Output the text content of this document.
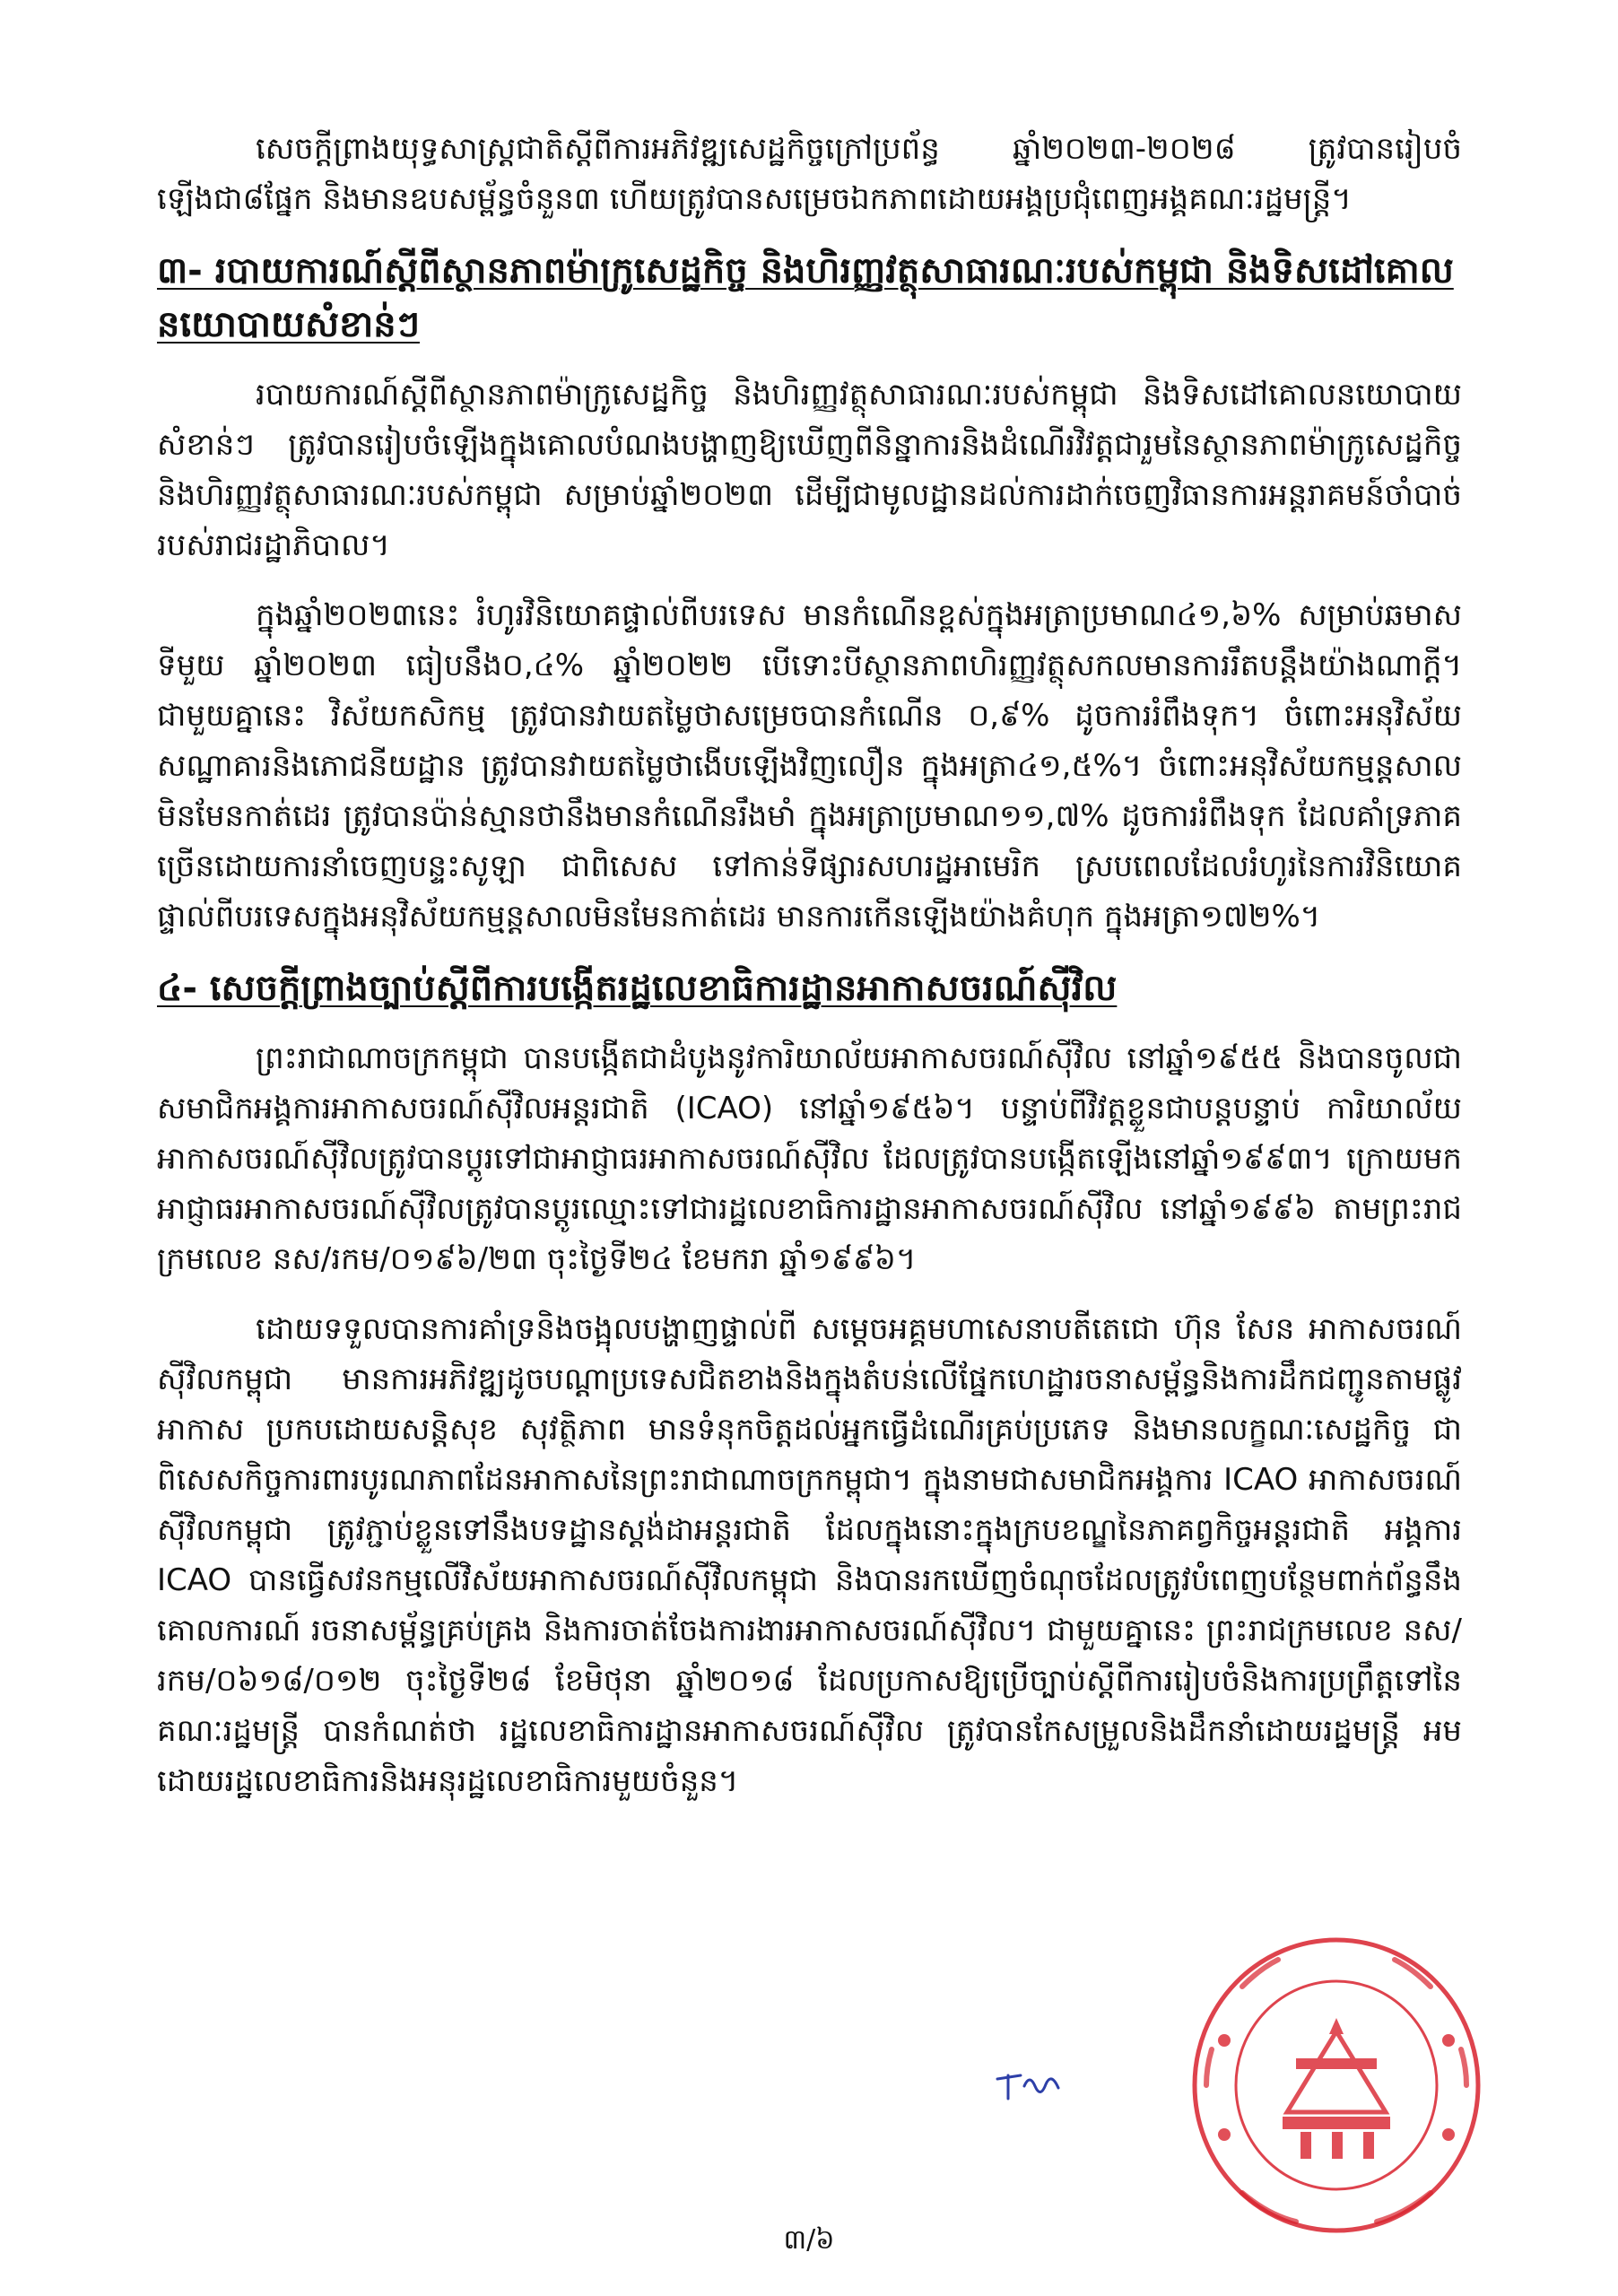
សេចក្តីព្រាងយុទ្ធសាស្ត្រជាតិស្តីពីការអភិវឌ្ឍសេដ្ឋកិច្ចក្រៅប្រព័ន្ធ ឆ្នាំ២០២៣-២០២៨ ត្រូវបានរៀបចំឡើងជា៨ផ្នែក និងមានឧបសម្ព័ន្ធចំនួន៣ ហើយត្រូវបានសម្រេចឯកភាពដោយអង្គប្រជុំពេញអង្គគណៈរដ្ឋមន្ត្រី។

៣- របាយការណ៍ស្តីពីស្ថានភាពម៉ាក្រូសេដ្ឋកិច្ច និងហិរញ្ញវត្ថុសាធារណៈរបស់កម្ពុជា និងទិសដៅគោលនយោបាយសំខាន់ៗ

របាយការណ៍ស្តីពីស្ថានភាពម៉ាក្រូសេដ្ឋកិច្ច និងហិរញ្ញវត្ថុសាធារណៈរបស់កម្ពុជា និងទិសដៅគោលនយោបាយសំខាន់ៗ ត្រូវបានរៀបចំឡើងក្នុងគោលបំណងបង្ហាញឱ្យឃើញពីនិន្នាការនិងដំណើរវិវត្តជារួមនៃស្ថានភាពម៉ាក្រូសេដ្ឋកិច្ចនិងហិរញ្ញវត្ថុសាធារណៈរបស់កម្ពុជា សម្រាប់ឆ្នាំ២០២៣ ដើម្បីជាមូលដ្ឋានដល់ការដាក់ចេញវិធានការអន្តរាគមន៍ចាំបាច់របស់រាជរដ្ឋាភិបាល។

ក្នុងឆ្នាំ២០២៣នេះ រំហូរវិនិយោគផ្ទាល់ពីបរទេស មានកំណើនខ្ពស់ក្នុងអត្រាប្រមាណ៤១,៦% សម្រាប់ឆមាសទីមួយ ឆ្នាំ២០២៣ ធៀបនឹង០,៤% ឆ្នាំ២០២២ បើទោះបីស្ថានភាពហិរញ្ញវត្ថុសកលមានការរឹតបន្តឹងយ៉ាងណាក្តី។ ជាមួយគ្នានេះ វិស័យកសិកម្ម ត្រូវបានវាយតម្លៃថាសម្រេចបានកំណើន ០,៩% ដូចការរំពឹងទុក។ ចំពោះអនុវិស័យសណ្ឋាគារនិងភោជនីយដ្ឋាន ត្រូវបានវាយតម្លៃថាងើបឡើងវិញលឿន ក្នុងអត្រា៤១,៥%។ ចំពោះអនុវិស័យកម្មន្តសាលមិនមែនកាត់ដេរ ត្រូវបានប៉ាន់ស្មានថានឹងមានកំណើនរឹងមាំ ក្នុងអត្រាប្រមាណ១១,៧% ដូចការរំពឹងទុក ដែលគាំទ្រភាគច្រើនដោយការនាំចេញបន្ទះសូឡា ជាពិសេស ទៅកាន់ទីផ្សារសហរដ្ឋអាមេរិក ស្របពេលដែលរំហូរនៃការវិនិយោគផ្ទាល់ពីបរទេសក្នុងអនុវិស័យកម្មន្តសាលមិនមែនកាត់ដេរ មានការកើនឡើងយ៉ាងគំហុក ក្នុងអត្រា១៧២%។

៤- សេចក្តីព្រាងច្បាប់ស្តីពីការបង្កើតរដ្ឋលេខាធិការដ្ឋានអាកាសចរណ៍ស៊ីវិល

ព្រះរាជាណាចក្រកម្ពុជា បានបង្កើតជាដំបូងនូវការិយាល័យអាកាសចរណ៍ស៊ីវិល នៅឆ្នាំ១៩៥៥ និងបានចូលជាសមាជិកអង្គការអាកាសចរណ៍ស៊ីវិលអន្តរជាតិ (ICAO) នៅឆ្នាំ១៩៥៦។ បន្ទាប់ពីវិវត្តខ្លួនជាបន្តបន្ទាប់ ការិយាល័យអាកាសចរណ៍ស៊ីវិលត្រូវបានប្តូរទៅជាអាជ្ញាធរអាកាសចរណ៍ស៊ីវិល ដែលត្រូវបានបង្កើតឡើងនៅឆ្នាំ១៩៩៣។ ក្រោយមក អាជ្ញាធរអាកាសចរណ៍ស៊ីវិលត្រូវបានប្តូរឈ្មោះទៅជារដ្ឋលេខាធិការដ្ឋានអាកាសចរណ៍ស៊ីវិល នៅឆ្នាំ១៩៩៦ តាមព្រះរាជក្រមលេខ នស/រកម/០១៩៦/២៣ ចុះថ្ងៃទី២៤ ខែមករា ឆ្នាំ១៩៩៦។

ដោយទទួលបានការគាំទ្រនិងចង្អុលបង្ហាញផ្ទាល់ពី សម្តេចអគ្គមហាសេនាបតីតេជោ ហ៊ុន សែន អាកាសចរណ៍ស៊ីវិលកម្ពុជា មានការអភិវឌ្ឍដូចបណ្តាប្រទេសជិតខាងនិងក្នុងតំបន់លើផ្នែកហេដ្ឋារចនាសម្ព័ន្ធនិងការដឹកជញ្ជូនតាមផ្លូវអាកាស ប្រកបដោយសន្តិសុខ សុវត្ថិភាព មានទំនុកចិត្តដល់អ្នកធ្វើដំណើរគ្រប់ប្រភេទ និងមានលក្ខណៈសេដ្ឋកិច្ច ជាពិសេសកិច្ចការពារបូរណភាពដែនអាកាសនៃព្រះរាជាណាចក្រកម្ពុជា។ ក្នុងនាមជាសមាជិកអង្គការ ICAO អាកាសចរណ៍ស៊ីវិលកម្ពុជា ត្រូវភ្ជាប់ខ្លួនទៅនឹងបទដ្ឋានស្តង់ដាអន្តរជាតិ ដែលក្នុងនោះក្នុងក្របខណ្ឌនៃភាគព្វកិច្ចអន្តរជាតិ អង្គការ ICAO បានធ្វើសវនកម្មលើវិស័យអាកាសចរណ៍ស៊ីវិលកម្ពុជា និងបានរកឃើញចំណុចដែលត្រូវបំពេញបន្ថែមពាក់ព័ន្ធនឹងគោលការណ៍ រចនាសម្ព័ន្ធគ្រប់គ្រង និងការចាត់ចែងការងារអាកាសចរណ៍ស៊ីវិល។ ជាមួយគ្នានេះ ព្រះរាជក្រមលេខ នស/រកម/០៦១៨/០១២ ចុះថ្ងៃទី២៨ ខែមិថុនា ឆ្នាំ២០១៨ ដែលប្រកាសឱ្យប្រើច្បាប់ស្តីពីការរៀបចំនិងការប្រព្រឹត្តទៅនៃគណៈរដ្ឋមន្ត្រី បានកំណត់ថា រដ្ឋលេខាធិការដ្ឋានអាកាសចរណ៍ស៊ីវិល ត្រូវបានកែសម្រួលនិងដឹកនាំដោយរដ្ឋមន្ត្រី អមដោយរដ្ឋលេខាធិការនិងអនុរដ្ឋលេខាធិការមួយចំនួន។

៣/៦
